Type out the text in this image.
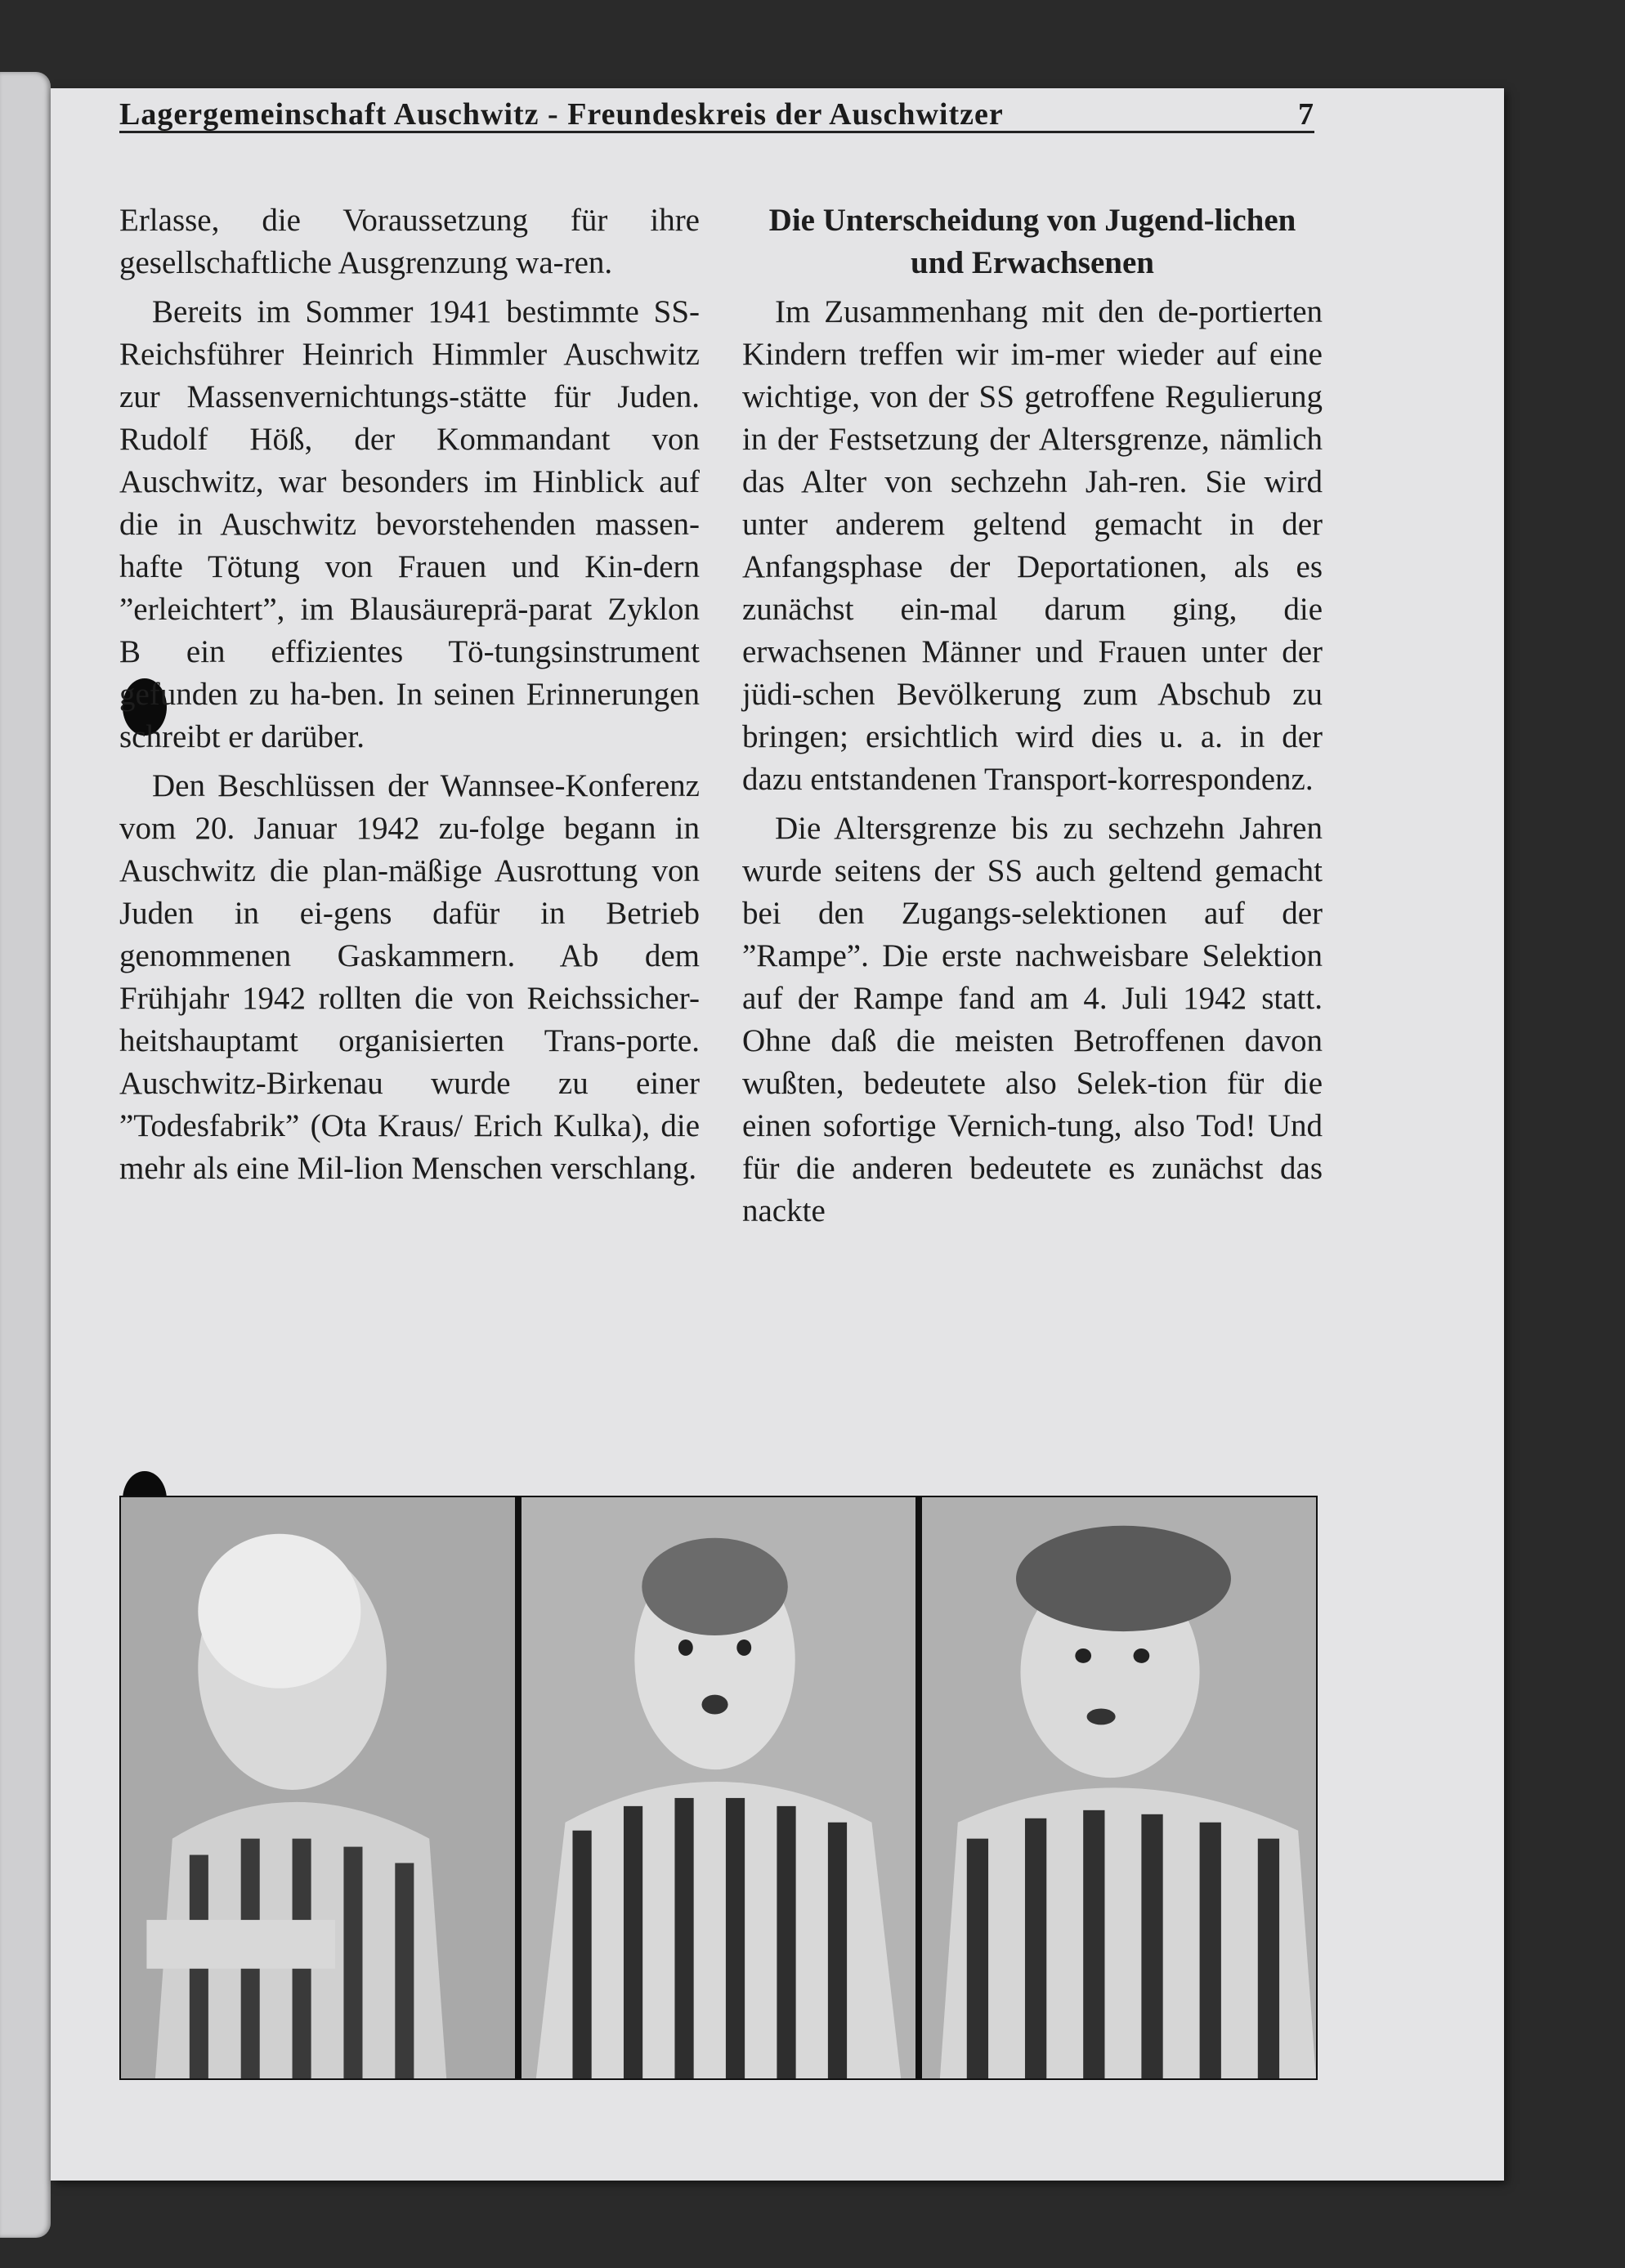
Lagergemeinschaft Auschwitz - Freundeskreis der Auschwitzer	7

Erlasse, die Voraussetzung für ihre gesellschaftliche Ausgrenzung wa-ren.

Bereits im Sommer 1941 bestimmte SS-Reichsführer Heinrich Himmler Auschwitz zur Massenvernichtungs-stätte für Juden. Rudolf Höß, der Kommandant von Auschwitz, war besonders im Hinblick auf die in Auschwitz bevorstehenden massen-hafte Tötung von Frauen und Kin-dern ”erleichtert”, im Blausäureprä-parat Zyklon B ein effizientes Tö-tungsinstrument gefunden zu ha-ben. In seinen Erinnerungen schreibt er darüber.

Den Beschlüssen der Wannsee-Konferenz vom 20. Januar 1942 zu-folge begann in Auschwitz die plan-mäßige Ausrottung von Juden in ei-gens dafür in Betrieb genommenen Gaskammern. Ab dem Frühjahr 1942 rollten die von Reichssicher-heitshauptamt organisierten Trans-porte. Auschwitz-Birkenau wurde zu einer ”Todesfabrik” (Ota Kraus/ Erich Kulka), die mehr als eine Mil-lion Menschen verschlang.

Die Unterscheidung von Jugend-lichen und Erwachsenen

Im Zusammenhang mit den de-portierten Kindern treffen wir im-mer wieder auf eine wichtige, von der SS getroffene Regulierung in der Festsetzung der Altersgrenze, nämlich das Alter von sechzehn Jah-ren. Sie wird unter anderem geltend gemacht in der Anfangsphase der Deportationen, als es zunächst ein-mal darum ging, die erwachsenen Männer und Frauen unter der jüdi-schen Bevölkerung zum Abschub zu bringen; ersichtlich wird dies u. a. in der dazu entstandenen Transport-korrespondenz.

Die Altersgrenze bis zu sechzehn Jahren wurde seitens der SS auch geltend gemacht bei den Zugangs-selektionen auf der ”Rampe”. Die erste nachweisbare Selektion auf der Rampe fand am 4. Juli 1942 statt. Ohne daß die meisten Betroffenen davon wußten, bedeutete also Selek-tion für die einen sofortige Vernich-tung, also Tod! Und für die anderen bedeutete es zunächst das nackte
